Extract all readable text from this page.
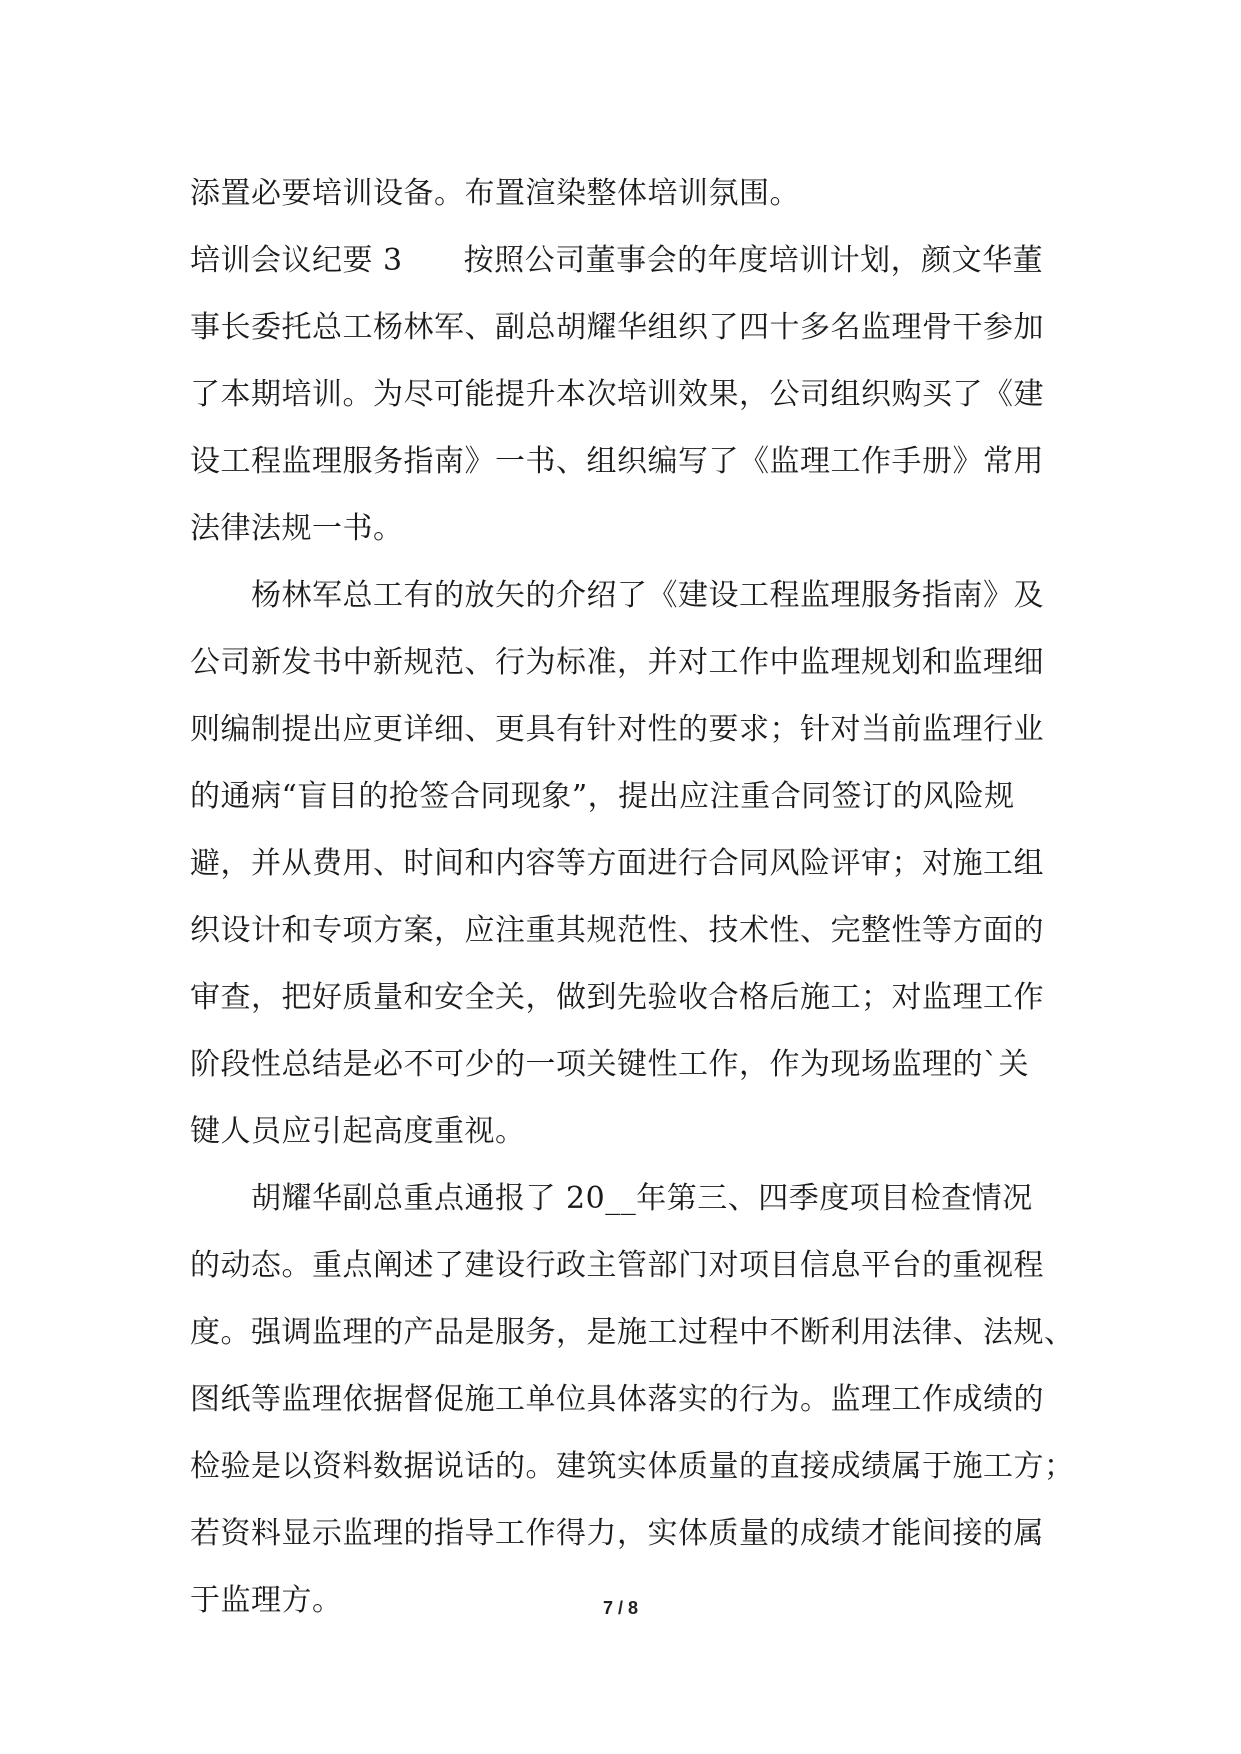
添置必要培训设备。布置渲染整体培训氛围。
培训会议纪要 3　　按照公司董事会的年度培训计划，颜文华董
事长委托总工杨林军、副总胡耀华组织了四十多名监理骨干参加
了本期培训。为尽可能提升本次培训效果，公司组织购买了《建
设工程监理服务指南》一书、组织编写了《监理工作手册》常用
法律法规一书。
　　杨林军总工有的放矢的介绍了《建设工程监理服务指南》及
公司新发书中新规范、行为标准，并对工作中监理规划和监理细
则编制提出应更详细、更具有针对性的要求；针对当前监理行业
的通病“盲目的抢签合同现象”，提出应注重合同签订的风险规
避，并从费用、时间和内容等方面进行合同风险评审；对施工组
织设计和专项方案，应注重其规范性、技术性、完整性等方面的
审查，把好质量和安全关，做到先验收合格后施工；对监理工作
阶段性总结是必不可少的一项关键性工作，作为现场监理的`关
键人员应引起高度重视。
　　胡耀华副总重点通报了 20__年第三、四季度项目检查情况
的动态。重点阐述了建设行政主管部门对项目信息平台的重视程
度。强调监理的产品是服务，是施工过程中不断利用法律、法规、
图纸等监理依据督促施工单位具体落实的行为。监理工作成绩的
检验是以资料数据说话的。建筑实体质量的直接成绩属于施工方；
若资料显示监理的指导工作得力，实体质量的成绩才能间接的属
于监理方。	7 / 8
